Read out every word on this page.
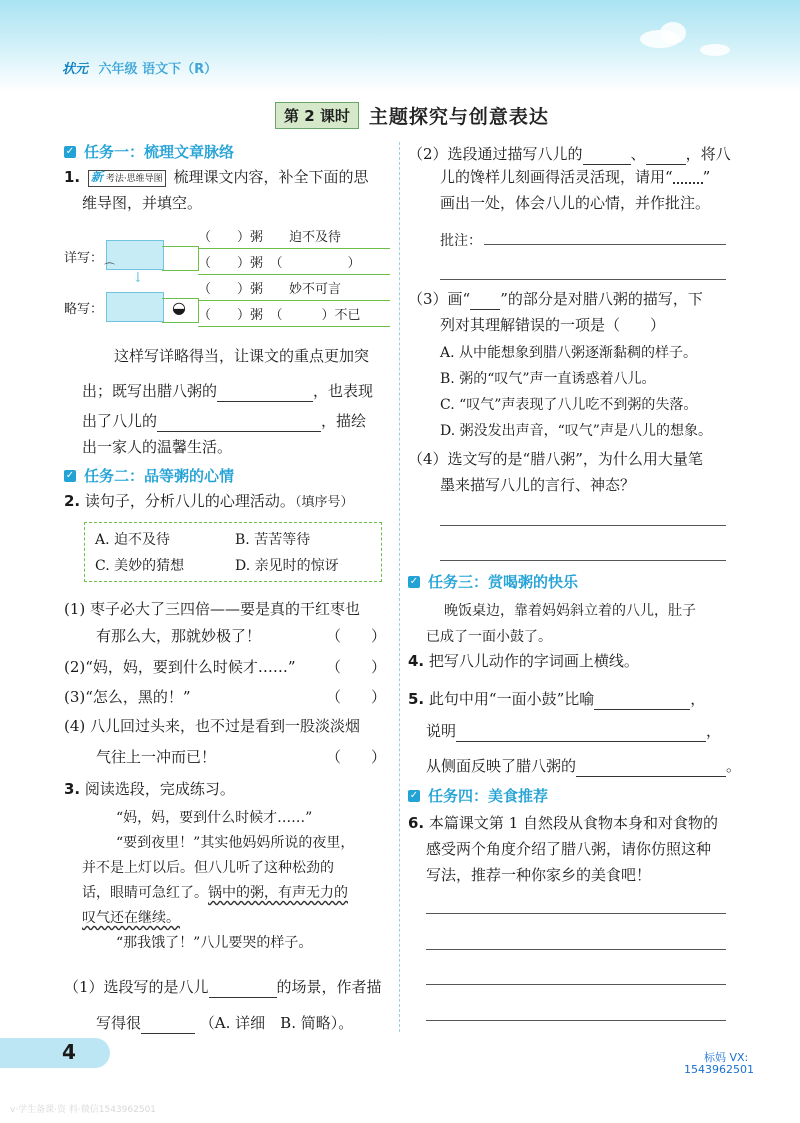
状元 六年级 语文下（R）
第 2 课时	主题探究与创意表达
✓ 任务一：梳理文章脉络
1. 新 考法·思维导图 梳理课文内容，补全下面的思
维导图，并填空。
详写：
略写：
↓
⌒
◒
（　　）粥　　 迫不及待
（　　）粥　 （　　　　　）
（　　）粥　　 妙不可言
（　　）粥　 （　　　）不已
这样写详略得当，让课文的重点更加突
出；既写出腊八粥的	，也表现
出了八儿的	，描绘
出一家人的温馨生活。
✓ 任务二：品等粥的心情
2. 读句子，分析八儿的心理活动。（填序号）
A. 迫不及待	B. 苦苦等待
C. 美妙的猜想	D. 亲见时的惊讶
(1) 枣子必大了三四倍——要是真的干红枣也
有那么大，那就妙极了！	（　　）
(2)“妈，妈，要到什么时候才……” （　　）
(3)“怎么，黑的！”	（　　）
(4) 八儿回过头来，也不过是看到一股淡淡烟
气往上一冲而已！	（　　）
3. 阅读选段，完成练习。
“妈，妈，要到什么时候才……”
“要到夜里！”其实他妈妈所说的夜里，
并不是上灯以后。但八儿听了这种松劲的
话，眼睛可急红了。锅中的粥，有声无力的
叹气还在继续。
“那我饿了！”八儿要哭的样子。
（1）选段写的是八儿	的场景，作者描
写得很	（A. 详细　B. 简略）。
（2）选段通过描写八儿的	、	，将八
儿的馋样儿刻画得活灵活现，请用“ ”
画出一处，体会八儿的心情，并作批注。
批注：
（3）画“ ”的部分是对腊八粥的描写，下
列对其理解错误的一项是（　　）
A. 从中能想象到腊八粥逐渐黏稠的样子。
B. 粥的“叹气”声一直诱惑着八儿。
C. “叹气”声表现了八儿吃不到粥的失落。
D. 粥没发出声音，“叹气”声是八儿的想象。
（4）选文写的是“腊八粥”，为什么用大量笔
墨来描写八儿的言行、神态？
✓ 任务三：赏喝粥的快乐
晚饭桌边，靠着妈妈斜立着的八儿，肚子
已成了一面小鼓了。
4. 把写八儿动作的字词画上横线。
5. 此句中用“一面小鼓”比喻	，
说明	，
从侧面反映了腊八粥的	。
✓ 任务四：美食推荐
6. 本篇课文第 1 自然段从食物本身和对食物的
感受两个角度介绍了腊八粥，请你仿照这种
写法，推荐一种你家乡的美食吧！
4	标妈 VX:
1543962501
v·学生备课·资 料·微信1543962501
